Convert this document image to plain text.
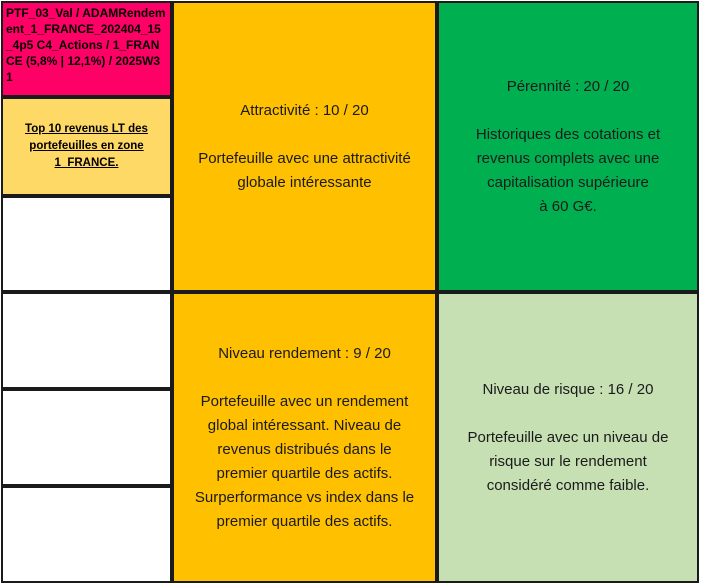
PTF_03_Val / ADAMRendement_1_FRANCE_202404_15_4p5 C4_Actions / 1_FRANCE (5,8% | 12,1%) / 2025W31
Top 10 revenus LT des portefeuilles en zone 1_FRANCE.
Attractivité : 10 / 20
Portefeuille avec une attractivité
globale intéressante
Pérennité : 20 / 20
Historiques des cotations et
revenus complets avec une
capitalisation supérieure
à 60 G€.
Niveau rendement : 9 / 20
Portefeuille avec un rendement
global intéressant. Niveau de
revenus distribués dans le
premier quartile des actifs.
Surperformance vs index dans le
premier quartile des actifs.
Niveau de risque : 16 / 20
Portefeuille avec un niveau de
risque sur le rendement
considéré comme faible.
